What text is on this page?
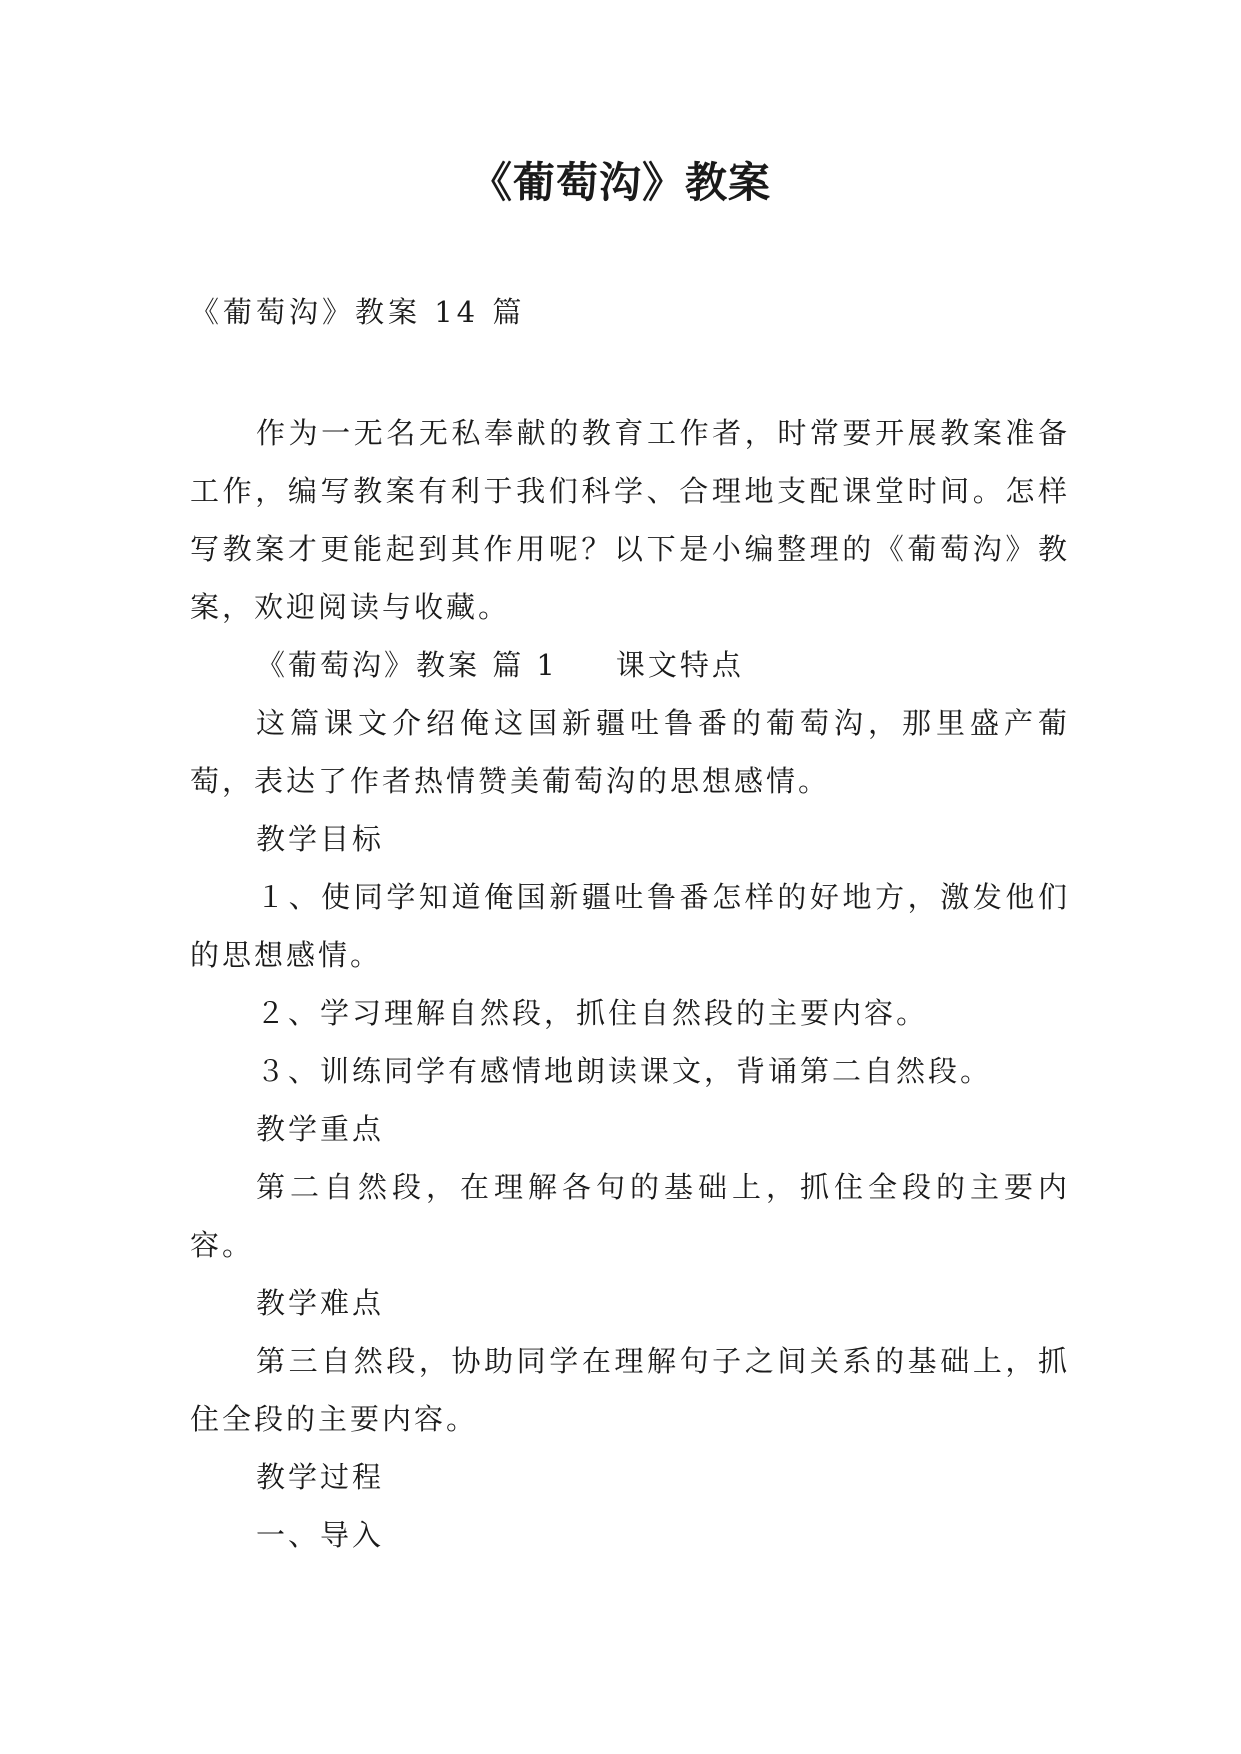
《葡萄沟》教案
《葡萄沟》教案 14 篇

作为一无名无私奉献的教育工作者，时常要开展教案准备工作，编写教案有利于我们科学、合理地支配课堂时间。怎样写教案才更能起到其作用呢？以下是小编整理的《葡萄沟》教案，欢迎阅读与收藏。

《葡萄沟》教案 篇 1 课文特点

这篇课文介绍俺这国新疆吐鲁番的葡萄沟，那里盛产葡萄，表达了作者热情赞美葡萄沟的思想感情。

教学目标

１、使同学知道俺国新疆吐鲁番怎样的好地方，激发他们的思想感情。

２、学习理解自然段，抓住自然段的主要内容。

３、训练同学有感情地朗读课文，背诵第二自然段。

教学重点

第二自然段，在理解各句的基础上，抓住全段的主要内容。

教学难点

第三自然段，协助同学在理解句子之间关系的基础上，抓住全段的主要内容。

教学过程

一、导入
